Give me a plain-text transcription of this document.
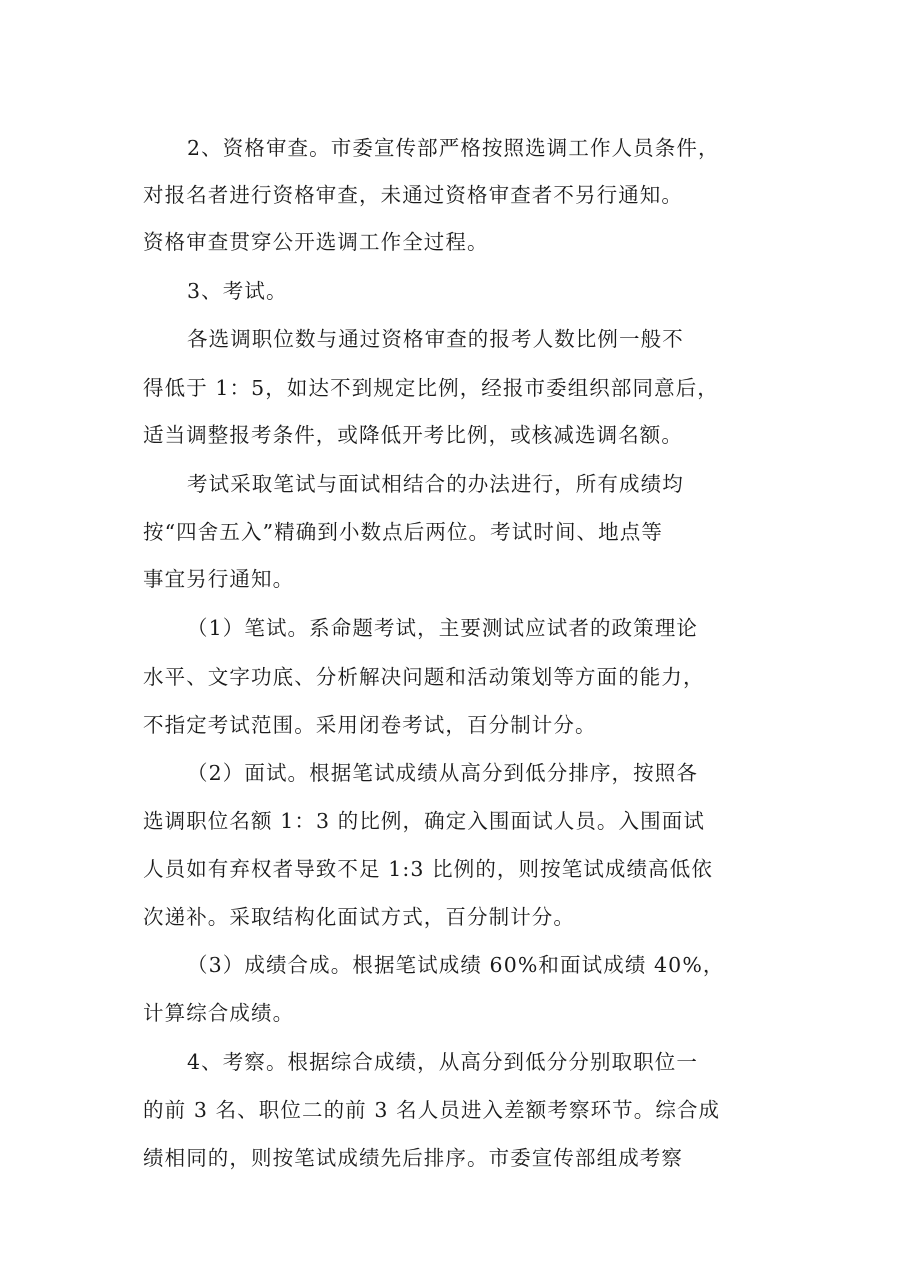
2、资格审查。市委宣传部严格按照选调工作人员条件，
对报名者进行资格审查，未通过资格审查者不另行通知。
资格审查贯穿公开选调工作全过程。
3、考试。
各选调职位数与通过资格审查的报考人数比例一般不
得低于 1：5，如达不到规定比例，经报市委组织部同意后，
适当调整报考条件，或降低开考比例，或核减选调名额。
考试采取笔试与面试相结合的办法进行，所有成绩均
按“四舍五入”精确到小数点后两位。考试时间、地点等
事宜另行通知。
（1）笔试。系命题考试，主要测试应试者的政策理论
水平、文字功底、分析解决问题和活动策划等方面的能力，
不指定考试范围。采用闭卷考试，百分制计分。
（2）面试。根据笔试成绩从高分到低分排序，按照各
选调职位名额 1：3 的比例，确定入围面试人员。入围面试
人员如有弃权者导致不足 1:3 比例的，则按笔试成绩高低依
次递补。采取结构化面试方式，百分制计分。
（3）成绩合成。根据笔试成绩 60%和面试成绩 40%，
计算综合成绩。
4、考察。根据综合成绩，从高分到低分分别取职位一
的前 3 名、职位二的前 3 名人员进入差额考察环节。综合成
绩相同的，则按笔试成绩先后排序。市委宣传部组成考察
